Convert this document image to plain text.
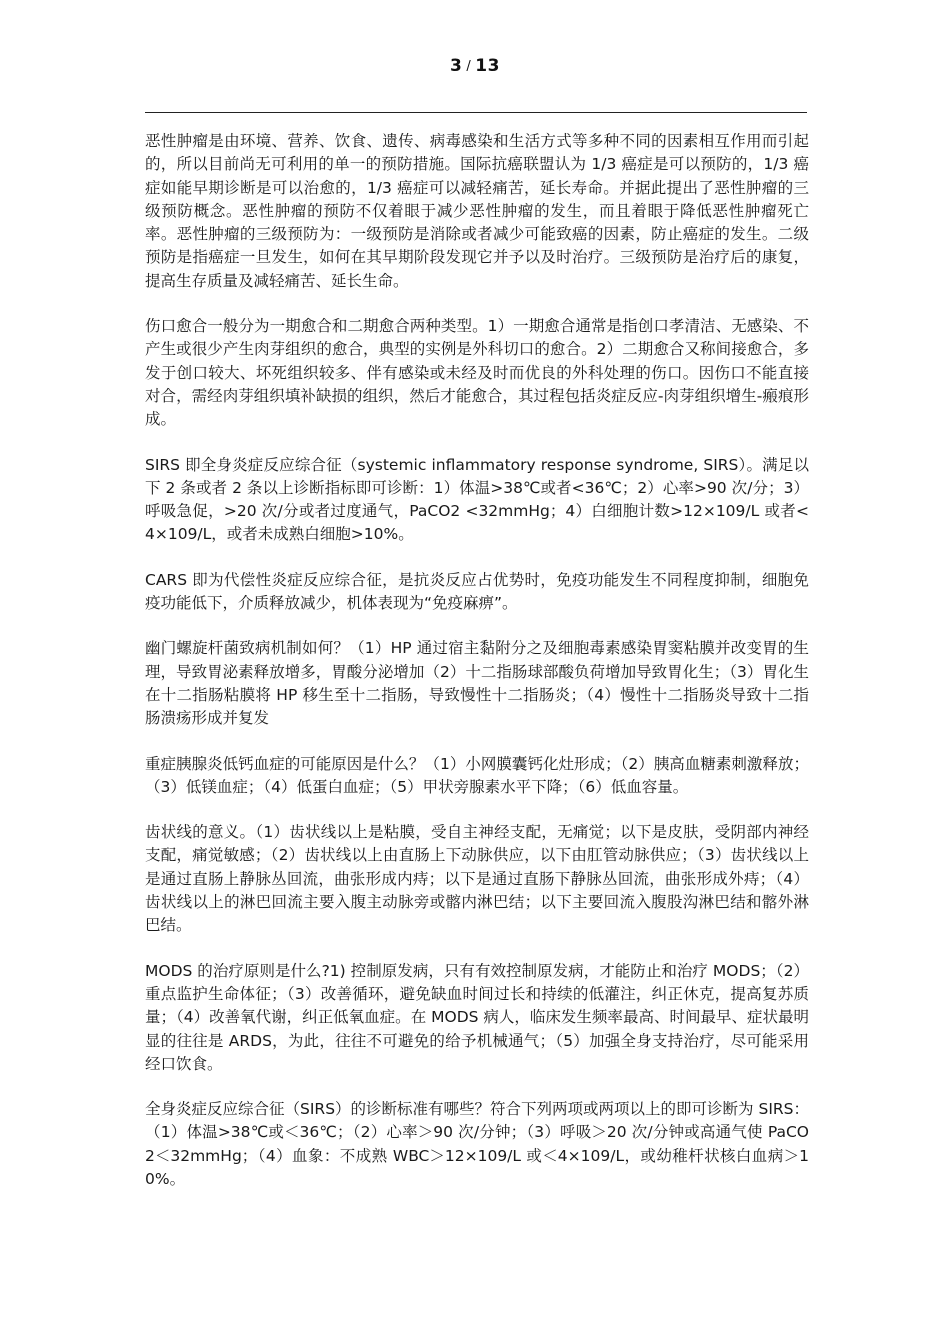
3 / 13

恶性肿瘤是由环境、营养、饮食、遗传、病毒感染和生活方式等多种不同的因素相互作用而引起的，所以目前尚无可利用的单一的预防措施。国际抗癌联盟认为 1/3 癌症是可以预防的，1/3 癌症如能早期诊断是可以治愈的，1/3 癌症可以减轻痛苦，延长寿命。并据此提出了恶性肿瘤的三级预防概念。恶性肿瘤的预防不仅着眼于减少恶性肿瘤的发生，而且着眼于降低恶性肿瘤死亡率。恶性肿瘤的三级预防为：一级预防是消除或者减少可能致癌的因素，防止癌症的发生。二级预防是指癌症一旦发生，如何在其早期阶段发现它并予以及时治疗。三级预防是治疗后的康复，提高生存质量及减轻痛苦、延长生命。

伤口愈合一般分为一期愈合和二期愈合两种类型。1）一期愈合通常是指创口孝清洁、无感染、不产生或很少产生肉芽组织的愈合，典型的实例是外科切口的愈合。2）二期愈合又称间接愈合，多发于创口较大、坏死组织较多、伴有感染或未经及时而优良的外科处理的伤口。因伤口不能直接对合，需经肉芽组织填补缺损的组织，然后才能愈合，其过程包括炎症反应-肉芽组织增生-瘢痕形成。

SIRS 即全身炎症反应综合征（systemic inflammatory response syndrome, SIRS）。满足以下 2 条或者 2 条以上诊断指标即可诊断：1）体温>38℃或者<36℃；2）心率>90 次/分；3）呼吸急促，>20 次/分或者过度通气，PaCO2 <32mmHg；4）白细胞计数>12×109/L 或者<4×109/L，或者未成熟白细胞>10%。

CARS 即为代偿性炎症反应综合征，是抗炎反应占优势时，免疫功能发生不同程度抑制，细胞免疫功能低下，介质释放减少，机体表现为“免疫麻痹”。

幽门螺旋杆菌致病机制如何？（1）HP 通过宿主黏附分之及细胞毒素感染胃窦粘膜并改变胃的生理，导致胃泌素释放增多，胃酸分泌增加（2）十二指肠球部酸负荷增加导致胃化生；（3）胃化生在十二指肠粘膜将 HP 移生至十二指肠，导致慢性十二指肠炎；（4）慢性十二指肠炎导致十二指肠溃疡形成并复发

重症胰腺炎低钙血症的可能原因是什么？（1）小网膜囊钙化灶形成；（2）胰高血糖素刺激释放；（3）低镁血症；（4）低蛋白血症；（5）甲状旁腺素水平下降；（6）低血容量。

齿状线的意义。（1）齿状线以上是粘膜，受自主神经支配，无痛觉；以下是皮肤，受阴部内神经支配，痛觉敏感；（2）齿状线以上由直肠上下动脉供应，以下由肛管动脉供应；（3）齿状线以上是通过直肠上静脉丛回流，曲张形成内痔；以下是通过直肠下静脉丛回流，曲张形成外痔；（4）齿状线以上的淋巴回流主要入腹主动脉旁或髂内淋巴结；以下主要回流入腹股沟淋巴结和髂外淋巴结。

MODS 的治疗原则是什么?1) 控制原发病，只有有效控制原发病，才能防止和治疗 MODS；（2）重点监护生命体征；（3）改善循环，避免缺血时间过长和持续的低灌注，纠正休克，提高复苏质量；（4）改善氧代谢，纠正低氧血症。在 MODS 病人，临床发生频率最高、时间最早、症状最明显的往往是 ARDS，为此，往往不可避免的给予机械通气；（5）加强全身支持治疗，尽可能采用经口饮食。

全身炎症反应综合征（SIRS）的诊断标准有哪些？符合下列两项或两项以上的即可诊断为 SIRS：（1）体温>38℃或＜36℃；（2）心率＞90 次/分钟；（3）呼吸＞20 次/分钟或高通气使 PaCO2＜32mmHg；（4）血象：不成熟 WBC＞12×109/L 或＜4×109/L，或幼稚杆状核白血病＞10%。
